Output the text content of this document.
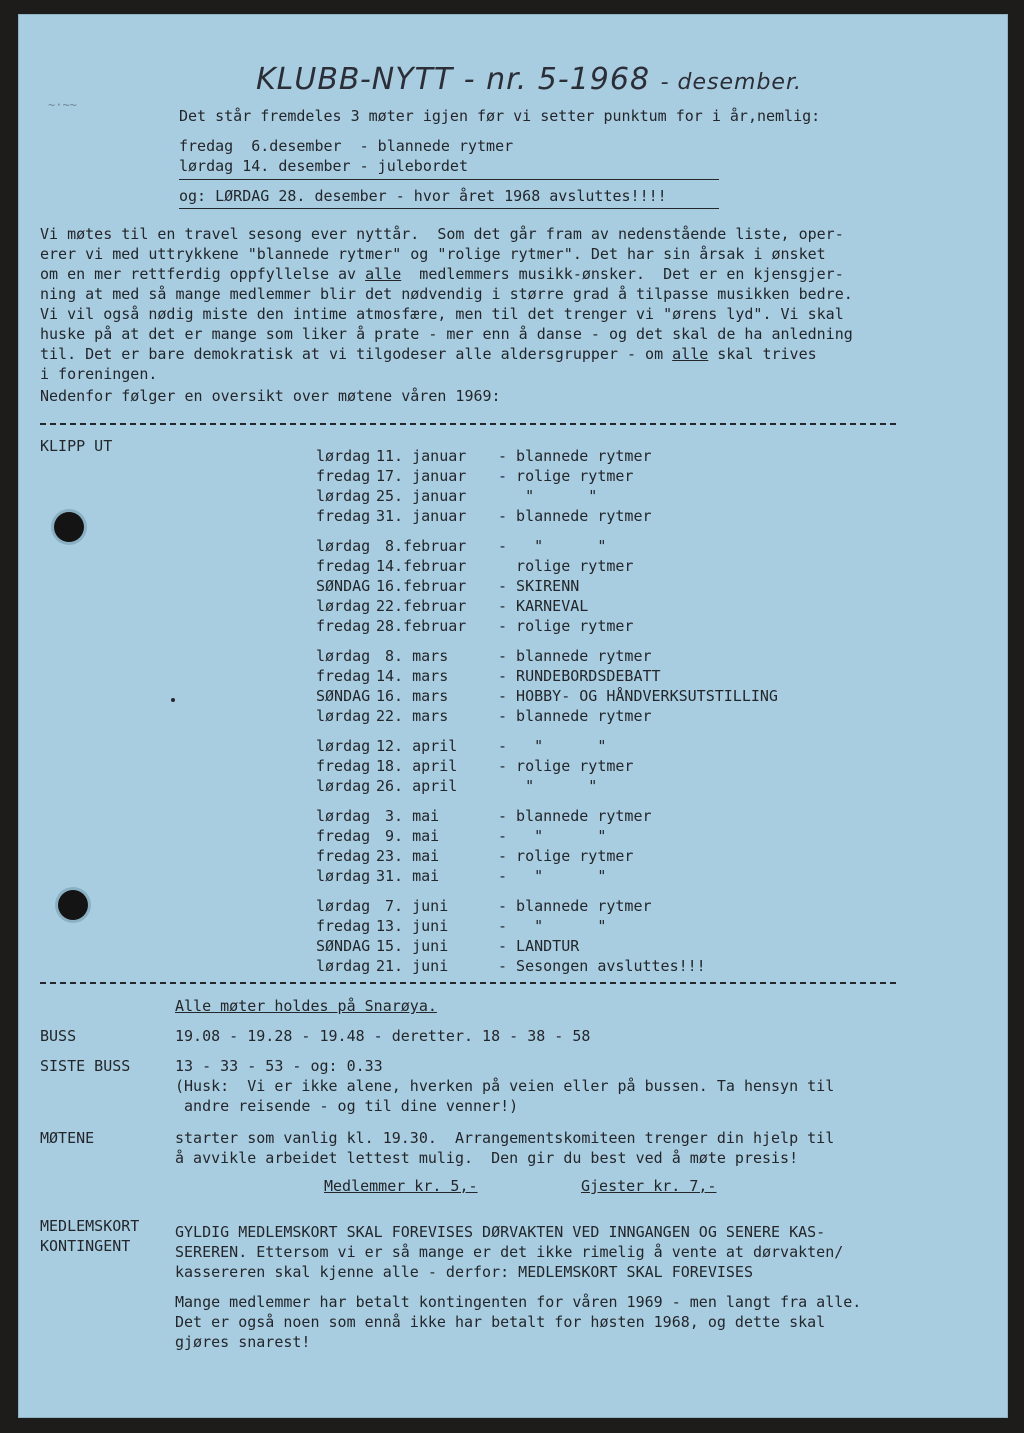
~·~~
KLUBB-NYTT - nr. 5-1968 - desember.
Det står fremdeles 3 møter igjen før vi setter punktum for i år,nemlig:
fredag  6.desember  - blannede rytmer
lørdag 14. desember - julebordet
og: LØRDAG 28. desember - hvor året 1968 avsluttes!!!!
Vi møtes til en travel sesong ever nyttår.  Som det går fram av nedenstående liste, oper-
erer vi med uttrykkene "blannede rytmer" og "rolige rytmer". Det har sin årsak i ønsket
om en mer rettferdig oppfyllelse av alle  medlemmers musikk-ønsker.  Det er en kjensgjer-
ning at med så mange medlemmer blir det nødvendig i større grad å tilpasse musikken bedre.
Vi vil også nødig miste den intime atmosfære, men til det trenger vi "ørens lyd". Vi skal
huske på at det er mange som liker å prate - mer enn å danse - og det skal de ha anledning
til. Det er bare demokratisk at vi tilgodeser alle aldersgrupper - om alle skal trives
i foreningen.
Nedenfor følger en oversikt over møtene våren 1969:
KLIPP UT
lørdag 11. januar - blannede rytmer
fredag 17. januar - rolige rytmer
lørdag 25. januar "      "
fredag 31. januar - blannede rytmer
lørdag 8.februar -   "      "
fredag 14.februar rolige rytmer
SØNDAG 16.februar - SKIRENN
lørdag 22.februar - KARNEVAL
fredag 28.februar - rolige rytmer
lørdag 8. mars	- blannede rytmer
fredag 14. mars	- RUNDEBORDSDEBATT
SØNDAG 16. mars	- HOBBY- OG HÅNDVERKSUTSTILLING
lørdag 22. mars	- blannede rytmer
lørdag 12. april	-   "      "
fredag 18. april	- rolige rytmer
lørdag 26. april	"      "
lørdag 3. mai	- blannede rytmer
fredag 9. mai	-   "      "
fredag 23. mai	- rolige rytmer
lørdag 31. mai	-   "      "
lørdag 7. juni	- blannede rytmer
fredag 13. juni	-   "      "
SØNDAG 15. juni	- LANDTUR
lørdag 21. juni	- Sesongen avsluttes!!!
Alle møter holdes på Snarøya.
BUSS	19.08 - 19.28 - 19.48 - deretter. 18 - 38 - 58
SISTE BUSS	13 - 33 - 53 - og: 0.33
(Husk:  Vi er ikke alene, hverken på veien eller på bussen. Ta hensyn til
andre reisende - og til dine venner!)
MØTENE	starter som vanlig kl. 19.30.  Arrangementskomiteen trenger din hjelp til
å avvikle arbeidet lettest mulig.  Den gir du best ved å møte presis!
Medlemmer kr. 5,-	Gjester kr. 7,-
MEDLEMSKORT
KONTINGENT
GYLDIG MEDLEMSKORT SKAL FOREVISES DØRVAKTEN VED INNGANGEN OG SENERE KAS-
SEREREN. Ettersom vi er så mange er det ikke rimelig å vente at dørvakten/
kassereren skal kjenne alle - derfor: MEDLEMSKORT SKAL FOREVISES
Mange medlemmer har betalt kontingenten for våren 1969 - men langt fra alle.
Det er også noen som ennå ikke har betalt for høsten 1968, og dette skal
gjøres snarest!
